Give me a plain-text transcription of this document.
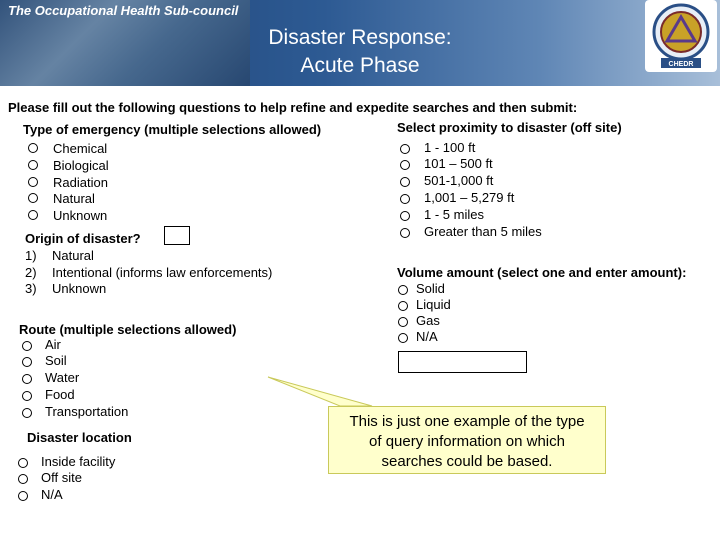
The Occupational Health Sub-council
Disaster Response:
Acute Phase	CHEDR
Please fill out the following questions to help refine and expedite searches and then submit:
Type of emergency (multiple selections allowed)
Chemical
Biological
Radiation
Natural
Unknown
Origin of disaster?
1) Natural
2) Intentional (informs law enforcements)
3) Unknown
Route (multiple selections allowed)
Air
Soil
Water
Food
Transportation
Disaster location
Inside facility
Off site
N/A
Select proximity to disaster (off site)
1 - 100 ft
101 – 500 ft
501-1,000 ft
1,001 – 5,279 ft
1 - 5 miles
Greater than 5 miles
Volume amount (select one and enter amount):
Solid
Liquid
Gas
N/A
This is just one example of the type
of query information on which
searches could be based.
